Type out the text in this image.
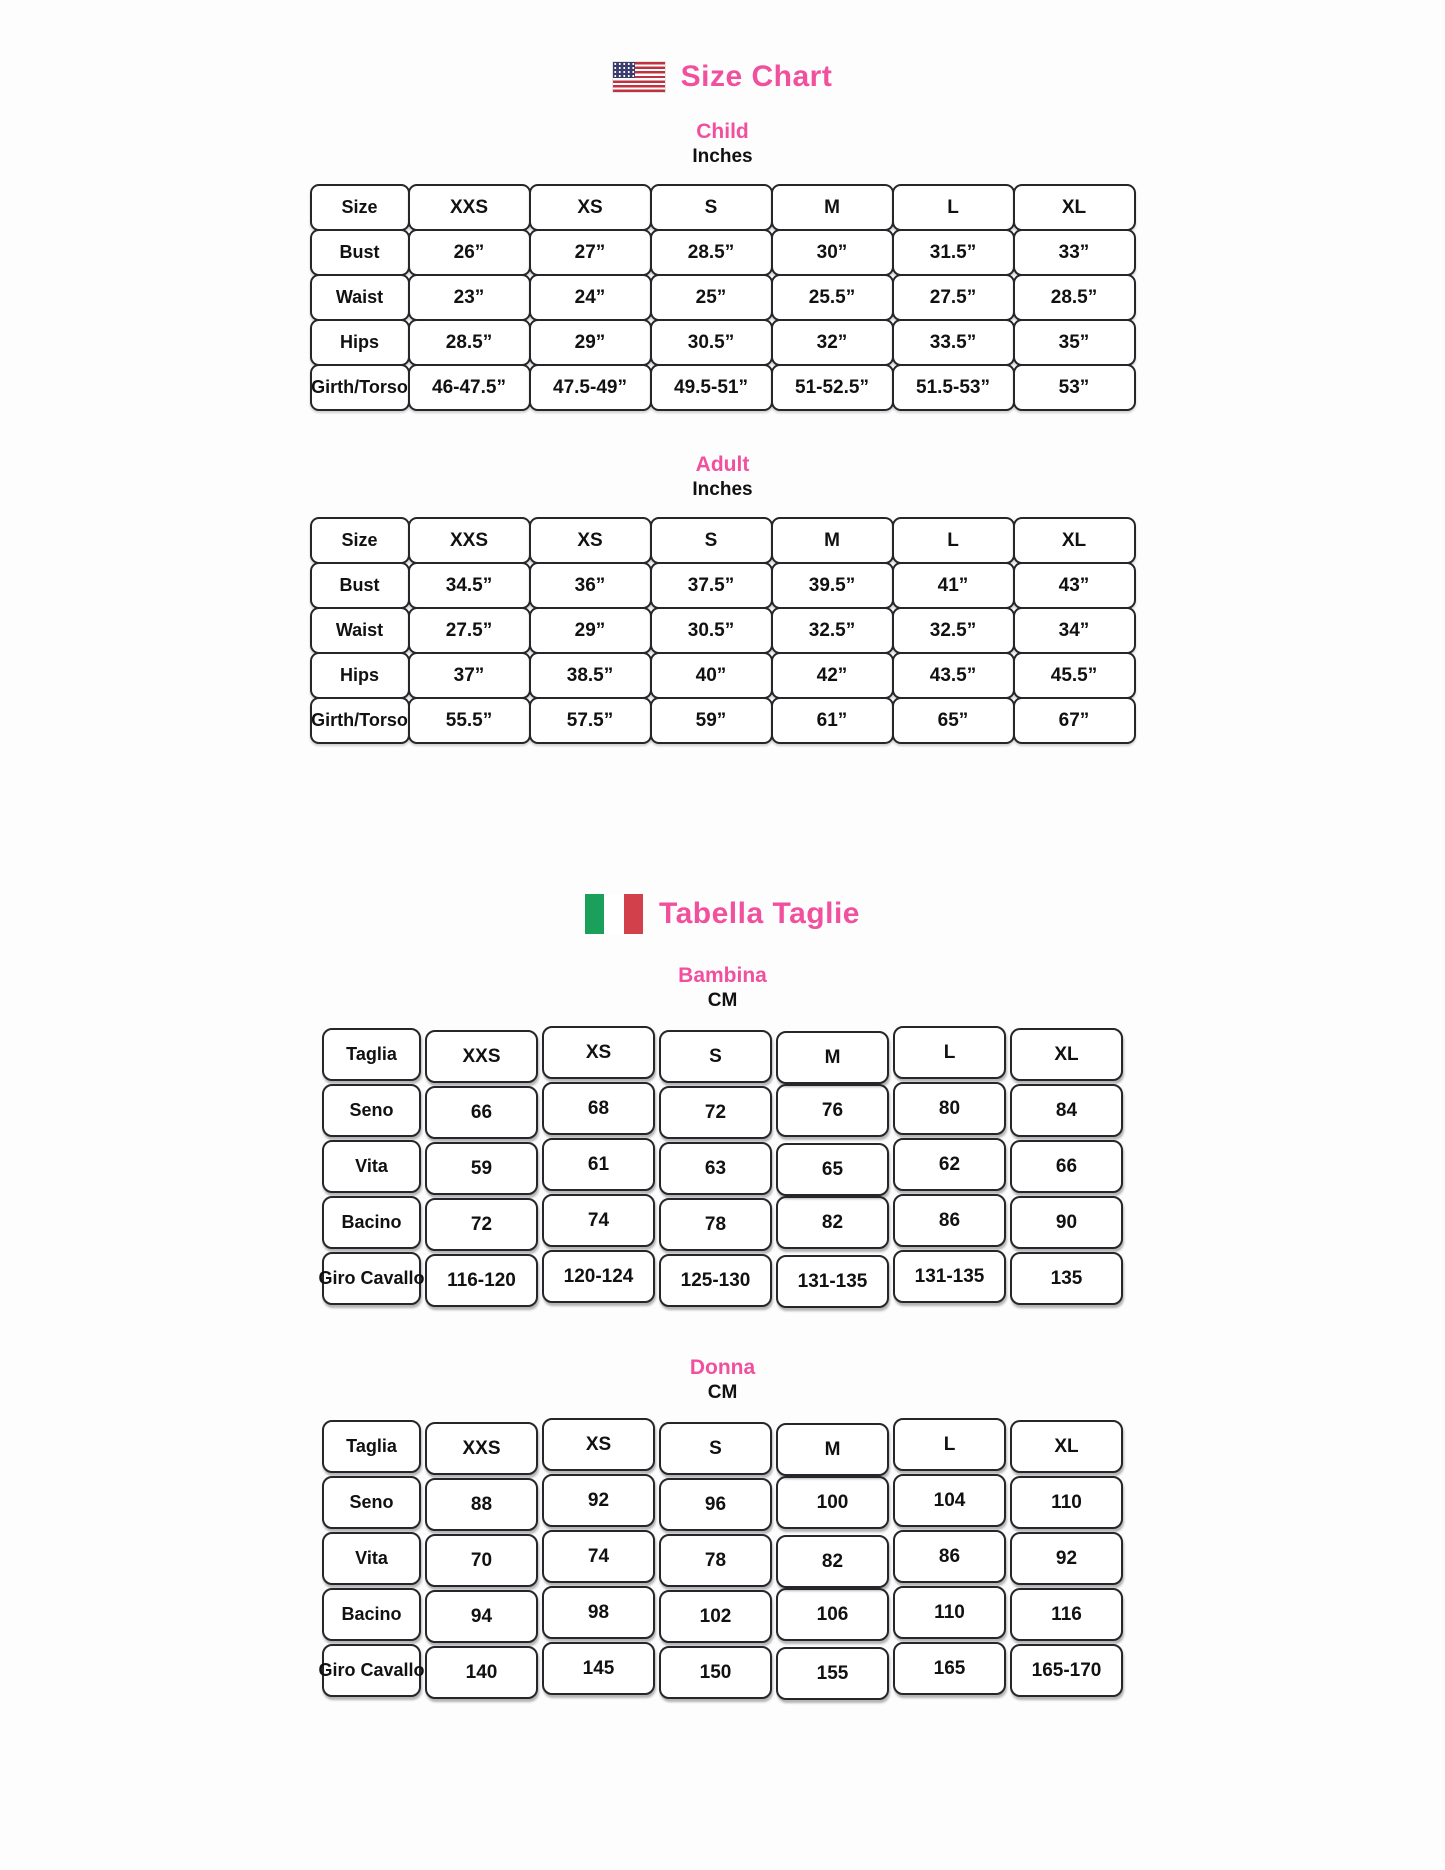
Size Chart

Child

Inches

Size	XXS	XS	S	M	L	XL
Bust	26”	27”	28.5”	30”	31.5”	33”
Waist	23”	24”	25”	25.5”	27.5”	28.5”
Hips	28.5”	29”	30.5”	32”	33.5”	35”
Girth/Torso	46-47.5”	47.5-49”	49.5-51”	51-52.5”	51.5-53”	53”

Adult

Inches

Size	XXS	XS	S	M	L	XL
Bust	34.5”	36”	37.5”	39.5”	41”	43”
Waist	27.5”	29”	30.5”	32.5”	32.5”	34”
Hips	37”	38.5”	40”	42”	43.5”	45.5”
Girth/Torso	55.5”	57.5”	59”	61”	65”	67”
Tabella Taglie

Bambina

CM

Taglia	XXS	XS	S	M	L	XL
Seno	66	68	72	76	80	84
Vita	59	61	63	65	62	66
Bacino	72	74	78	82	86	90
Giro Cavallo	116-120	120-124	125-130	131-135	131-135	135

Donna

CM

Taglia	XXS	XS	S	M	L	XL
Seno	88	92	96	100	104	110
Vita	70	74	78	82	86	92
Bacino	94	98	102	106	110	116
Giro Cavallo	140	145	150	155	165	165-170
